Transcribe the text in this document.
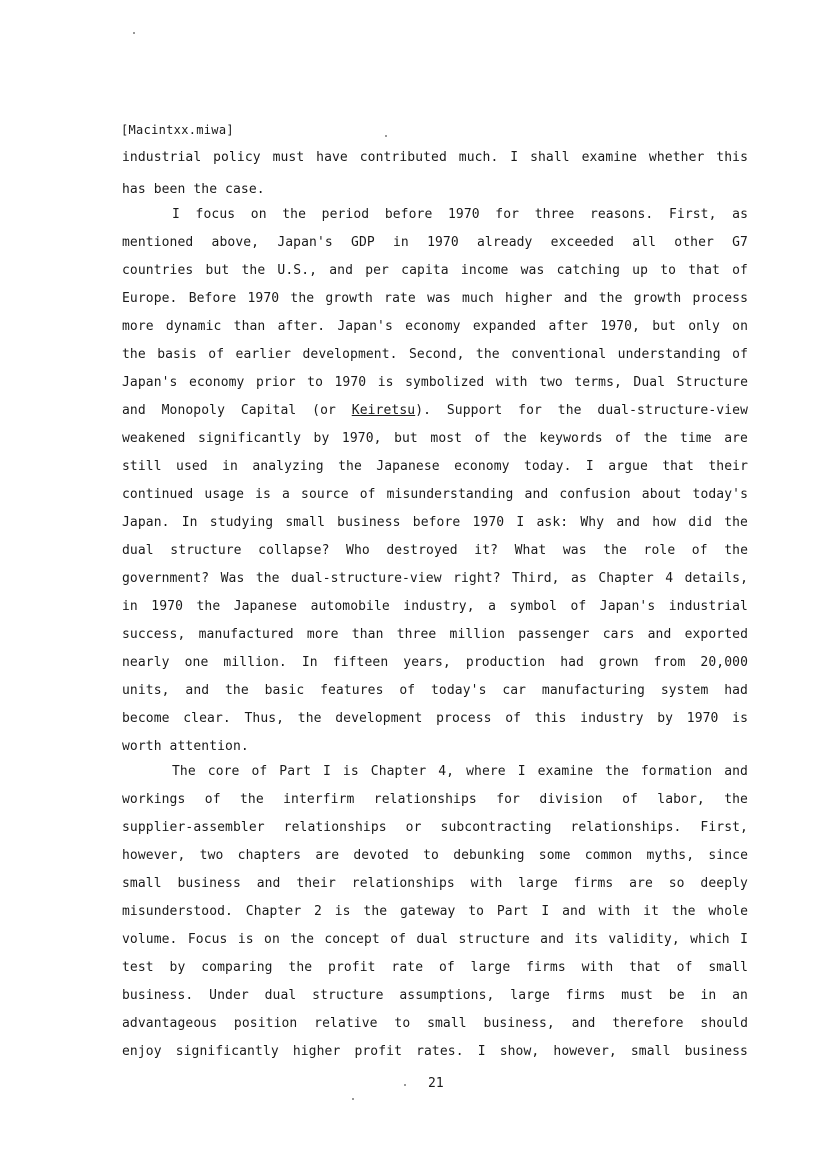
[Macintxx.miwa]
industrial policy must have contributed much. I shall examine whether this
has been the case.
I focus on the period before 1970 for three reasons. First, as
mentioned above, Japan's GDP in 1970 already exceeded all other G7
countries but the U.S., and per capita income was catching up to that of
Europe. Before 1970 the growth rate was much higher and the growth process
more dynamic than after. Japan's economy expanded after 1970, but only on
the basis of earlier development. Second, the conventional understanding of
Japan's economy prior to 1970 is symbolized with two terms, Dual Structure
and Monopoly Capital (or Keiretsu). Support for the dual-structure-view
weakened significantly by 1970, but most of the keywords of the time are
still used in analyzing the Japanese economy today. I argue that their
continued usage is a source of misunderstanding and confusion about today's
Japan. In studying small business before 1970 I ask: Why and how did the
dual structure collapse? Who destroyed it? What was the role of the
government? Was the dual-structure-view right? Third, as Chapter 4 details,
in 1970 the Japanese automobile industry, a symbol of Japan's industrial
success, manufactured more than three million passenger cars and exported
nearly one million. In fifteen years, production had grown from 20,000
units, and the basic features of today's car manufacturing system had
become clear. Thus, the development process of this industry by 1970 is
worth attention.
The core of Part I is Chapter 4, where I examine the formation and
workings of the interfirm relationships for division of labor, the
supplier-assembler relationships or subcontracting relationships. First,
however, two chapters are devoted to debunking some common myths, since
small business and their relationships with large firms are so deeply
misunderstood. Chapter 2 is the gateway to Part I and with it the whole
volume. Focus is on the concept of dual structure and its validity, which I
test by comparing the profit rate of large firms with that of small
business. Under dual structure assumptions, large firms must be in an
advantageous position relative to small business, and therefore should
enjoy significantly higher profit rates. I show, however, small business
21
